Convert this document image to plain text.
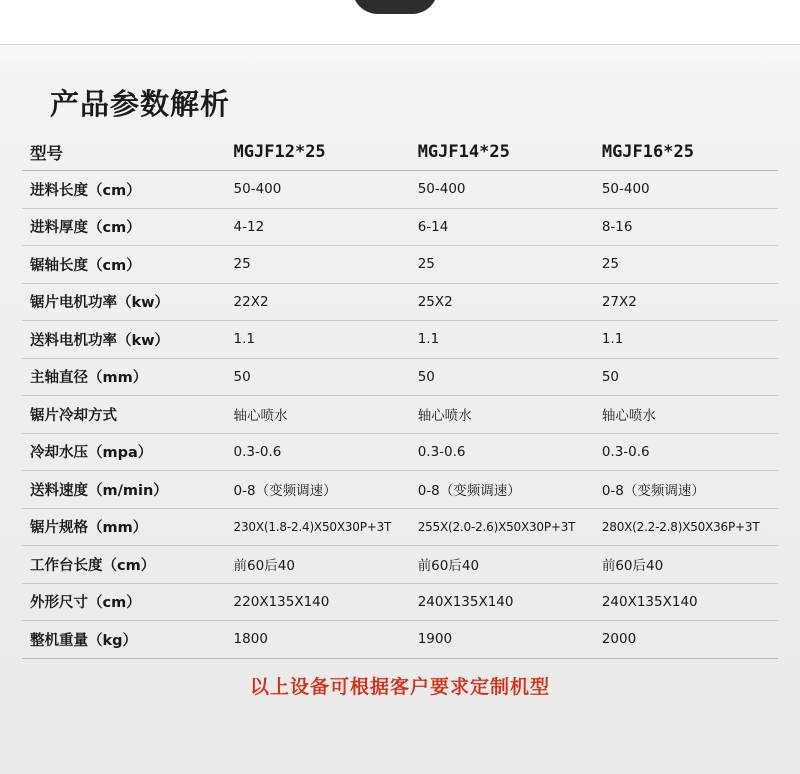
产品参数解析
型号	MGJF12*25	MGJF14*25	MGJF16*25
进料长度（cm）	50-400	50-400	50-400
进料厚度（cm）	4-12	6-14	8-16
锯轴长度（cm）	25	25	25
锯片电机功率（kw）	22X2	25X2	27X2
送料电机功率（kw）	1.1	1.1	1.1
主轴直径（mm）	50	50	50
锯片冷却方式	轴心喷水	轴心喷水	轴心喷水
冷却水压（mpa）	0.3-0.6	0.3-0.6	0.3-0.6
送料速度（m/min）	0-8（变频调速）	0-8（变频调速）	0-8（变频调速）
锯片规格（mm）	230X(1.8-2.4)X50X30P+3T	255X(2.0-2.6)X50X30P+3T	280X(2.2-2.8)X50X36P+3T
工作台长度（cm）	前60后40	前60后40	前60后40
外形尺寸（cm）	220X135X140	240X135X140	240X135X140
整机重量（kg）	1800	1900	2000
以上设备可根据客户要求定制机型
